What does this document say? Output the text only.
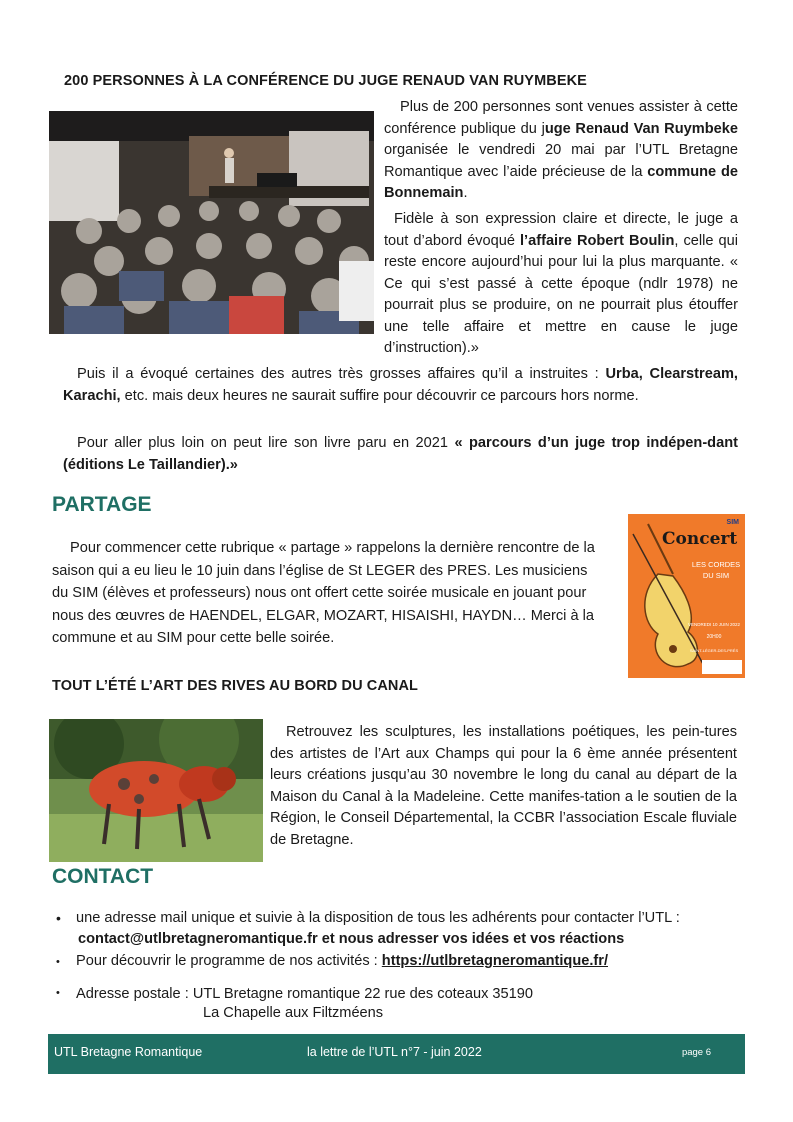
200 PERSONNES À LA CONFÉRENCE DU JUGE RENAUD VAN RUYMBEKE

Plus de 200 personnes sont venues assister à cette conférence publique du juge Renaud Van Ruymbeke organisée le vendredi 20 mai par l’UTL Bretagne Romantique avec l’aide précieuse de la commune de Bonnemain.

Fidèle à son expression claire et directe, le juge a tout d’abord évoqué l’affaire Robert Boulin, celle qui reste encore aujourd’hui pour lui la plus marquante. « Ce qui s’est passé à cette époque (ndlr 1978) ne pourrait plus se produire, on ne pourrait plus étouffer une telle affaire et mettre en cause le juge d’instruction).»

Puis il a évoqué certaines des autres très grosses affaires qu’il a instruites : Urba, Clearstream, Karachi, etc. mais deux heures ne saurait suffire pour découvrir ce parcours hors norme.

Pour aller plus loin on peut lire son livre paru en 2021 « parcours d’un juge trop indépen-dant (éditions Le Taillandier).»

PARTAGE

Pour commencer cette rubrique « partage » rappelons la dernière rencontre de la saison qui a eu lieu le 10 juin dans l’église de St LEGER des PRES. Les musiciens du SIM (élèves et professeurs) nous ont offert cette soirée musicale en jouant pour nous des œuvres de HAENDEL, ELGAR, MOZART, HISAISHI, HAYDN… Merci à la commune et au SIM pour cette belle soirée.

SIM
Concert
LES CORDES
DU SIM
VENDREDI 10 JUIN 2022
20H00
SAINT-LÉGER-DES-PRÉS
TOUT L’ÉTÉ L’ART DES RIVES AU BORD DU CANAL

Retrouvez les sculptures, les installations poétiques, les pein-tures des artistes de l’Art aux Champs qui pour la 6 ème année présentent leurs créations jusqu’au 30 novembre le long du canal au départ de la Maison du Canal à la Madeleine. Cette manifes-tation a le soutien de la Région, le Conseil Départemental, la CCBR l’association Escale fluviale de Bretagne.

CONTACT
• une adresse mail unique et suivie à la disposition de tous les adhérents pour contacter l’UTL :
contact@utlbretagneromantique.fr et nous adresser vos idées et vos réactions
• Pour découvrir le programme de nos activités : https://utlbretagneromantique.fr/
• Adresse postale : UTL Bretagne romantique 22 rue des coteaux 35190
La Chapelle aux Filtzméens
UTL Bretagne Romantique	la lettre de l’UTL n°7 - juin 2022	page 6
